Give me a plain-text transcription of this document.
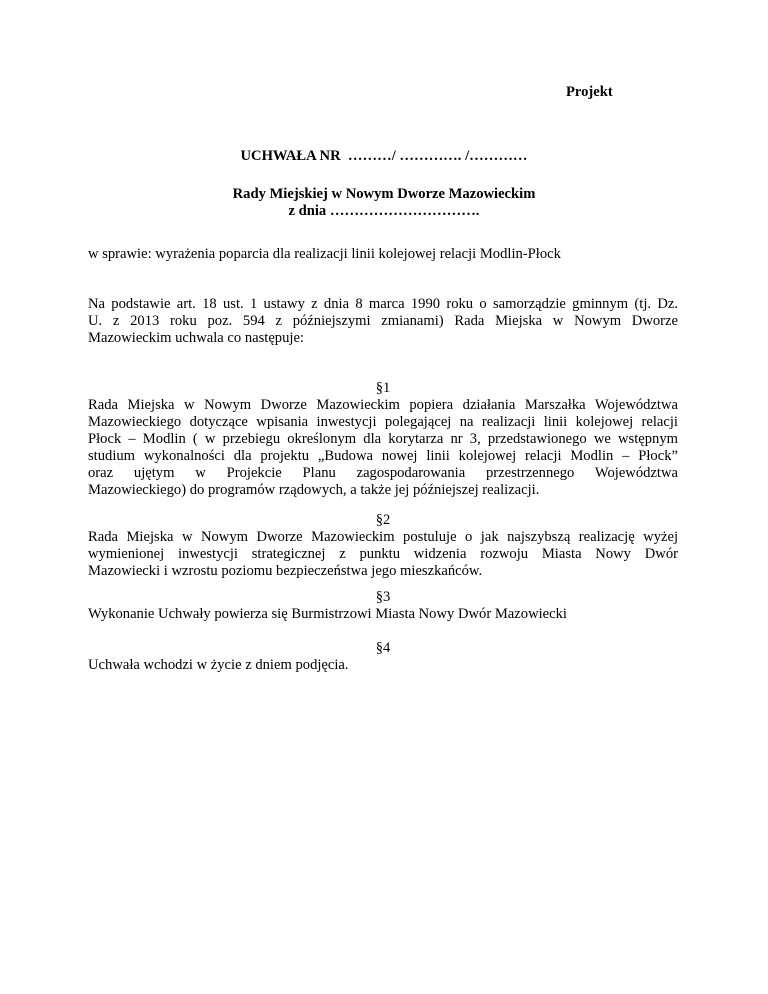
Projekt
UCHWAŁA NR  ………/ …………. /…………
Rady Miejskiej w Nowym Dworze Mazowieckim
z dnia ………………………….
w sprawie: wyrażenia poparcia dla realizacji linii kolejowej relacji Modlin-Płock
Na podstawie art. 18 ust. 1 ustawy z dnia 8 marca 1990 roku o samorządzie gminnym (tj. Dz.
U. z 2013 roku poz. 594 z późniejszymi zmianami) Rada Miejska w Nowym Dworze
Mazowieckim uchwala co następuje:
§1
Rada Miejska w Nowym Dworze Mazowieckim popiera działania Marszałka Województwa
Mazowieckiego dotyczące wpisania inwestycji polegającej na realizacji linii kolejowej relacji
Płock – Modlin ( w przebiegu określonym dla korytarza nr 3, przedstawionego we wstępnym
studium wykonalności dla projektu „Budowa nowej linii kolejowej relacji Modlin – Płock”
oraz ujętym w Projekcie Planu zagospodarowania przestrzennego Województwa
Mazowieckiego) do programów rządowych, a także jej późniejszej realizacji.
§2
Rada Miejska w Nowym Dworze Mazowieckim postuluje o jak najszybszą realizację wyżej
wymienionej inwestycji strategicznej z punktu widzenia rozwoju Miasta Nowy Dwór
Mazowiecki i wzrostu poziomu bezpieczeństwa jego mieszkańców.
§3
Wykonanie Uchwały powierza się Burmistrzowi Miasta Nowy Dwór Mazowiecki
§4
Uchwała wchodzi w życie z dniem podjęcia.
